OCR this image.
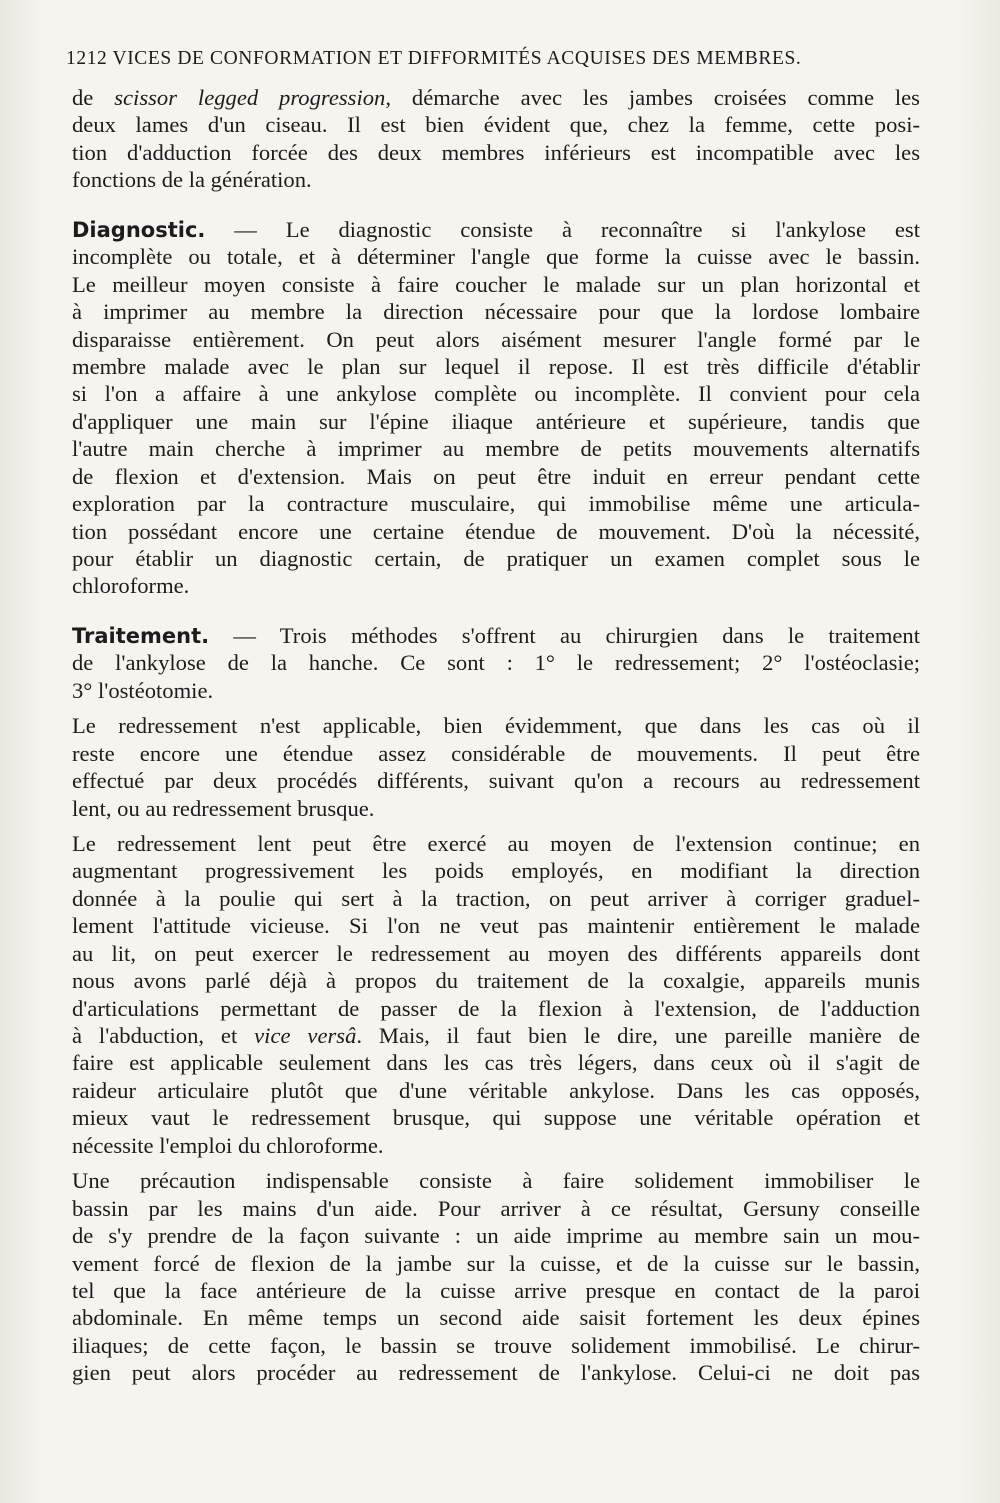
1212 VICES DE CONFORMATION ET DIFFORMITÉS ACQUISES DES MEMBRES.
de scissor legged progression, démarche avec les jambes croisées comme les
deux lames d'un ciseau. Il est bien évident que, chez la femme, cette posi-
tion d'adduction forcée des deux membres inférieurs est incompatible avec les
fonctions de la génération.
Diagnostic. — Le diagnostic consiste à reconnaître si l'ankylose est
incomplète ou totale, et à déterminer l'angle que forme la cuisse avec le bassin.
Le meilleur moyen consiste à faire coucher le malade sur un plan horizontal et
à imprimer au membre la direction nécessaire pour que la lordose lombaire
disparaisse entièrement. On peut alors aisément mesurer l'angle formé par le
membre malade avec le plan sur lequel il repose. Il est très difficile d'établir
si l'on a affaire à une ankylose complète ou incomplète. Il convient pour cela
d'appliquer une main sur l'épine iliaque antérieure et supérieure, tandis que
l'autre main cherche à imprimer au membre de petits mouvements alternatifs
de flexion et d'extension. Mais on peut être induit en erreur pendant cette
exploration par la contracture musculaire, qui immobilise même une articula-
tion possédant encore une certaine étendue de mouvement. D'où la nécessité,
pour établir un diagnostic certain, de pratiquer un examen complet sous le
chloroforme.
Traitement. — Trois méthodes s'offrent au chirurgien dans le traitement
de l'ankylose de la hanche. Ce sont : 1° le redressement; 2° l'ostéoclasie;
3° l'ostéotomie.
Le redressement n'est applicable, bien évidemment, que dans les cas où il
reste encore une étendue assez considérable de mouvements. Il peut être
effectué par deux procédés différents, suivant qu'on a recours au redressement
lent, ou au redressement brusque.
Le redressement lent peut être exercé au moyen de l'extension continue; en
augmentant progressivement les poids employés, en modifiant la direction
donnée à la poulie qui sert à la traction, on peut arriver à corriger graduel-
lement l'attitude vicieuse. Si l'on ne veut pas maintenir entièrement le malade
au lit, on peut exercer le redressement au moyen des différents appareils dont
nous avons parlé déjà à propos du traitement de la coxalgie, appareils munis
d'articulations permettant de passer de la flexion à l'extension, de l'adduction
à l'abduction, et vice versâ. Mais, il faut bien le dire, une pareille manière de
faire est applicable seulement dans les cas très légers, dans ceux où il s'agit de
raideur articulaire plutôt que d'une véritable ankylose. Dans les cas opposés,
mieux vaut le redressement brusque, qui suppose une véritable opération et
nécessite l'emploi du chloroforme.
Une précaution indispensable consiste à faire solidement immobiliser le
bassin par les mains d'un aide. Pour arriver à ce résultat, Gersuny conseille
de s'y prendre de la façon suivante : un aide imprime au membre sain un mou-
vement forcé de flexion de la jambe sur la cuisse, et de la cuisse sur le bassin,
tel que la face antérieure de la cuisse arrive presque en contact de la paroi
abdominale. En même temps un second aide saisit fortement les deux épines
iliaques; de cette façon, le bassin se trouve solidement immobilisé. Le chirur-
gien peut alors procéder au redressement de l'ankylose. Celui-ci ne doit pas
